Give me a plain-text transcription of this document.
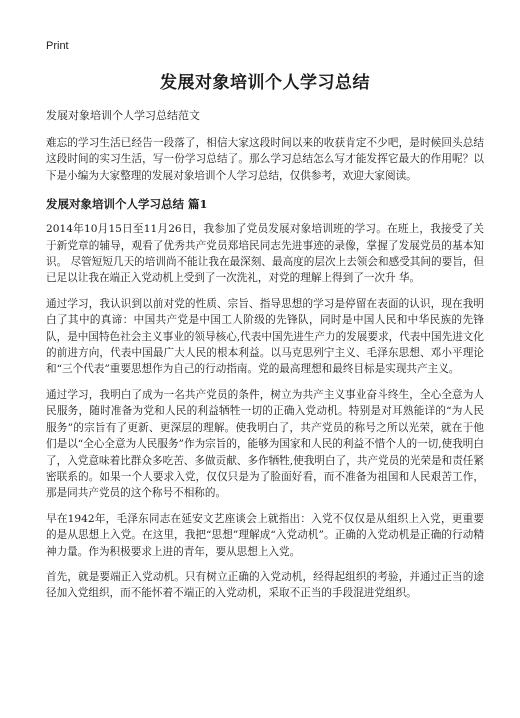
Print
发展对象培训个人学习总结
发展对象培训个人学习总结范文

难忘的学习生活已经告一段落了，相信大家这段时间以来的收获肯定不少吧，是时候回头总结这段时间的实习生活，写一份学习总结了。那么学习总结怎么写才能发挥它最大的作用呢？以下是小编为大家整理的发展对象培训个人学习总结，仅供参考，欢迎大家阅读。

发展对象培训个人学习总结 篇1

2014年10月15日至11月26日，我参加了党员发展对象培训班的学习。在班上，我接受了关于新党章的辅导，观看了优秀共产党员郑培民同志先进事迹的录像，掌握了发展党员的基本知识。 尽管短短几天的培训尚不能让我在最深刻、最高度的层次上去领会和感受其间的要旨，但已足以让我在端正入党动机上受到了一次洗礼，对党的理解上得到了一次升 华。

通过学习，我认识到以前对党的性质、宗旨、指导思想的学习是停留在表面的认识，现在我明白了其中的真谛：中国共产党是中国工人阶级的先锋队，同时是中国人民和中华民族的先锋队，是中国特色社会主义事业的领导核心,代表中国先进生产力的发展要求，代表中国先进文化的前进方向，代表中国最广大人民的根本利益。以马克思列宁主义、毛泽东思想、邓小平理论和“三个代表”重要思想作为自己的行动指南。党的最高理想和最终目标是实现共产主义。

通过学习，我明白了成为一名共产党员的条件，树立为共产主义事业奋斗终生，全心全意为人民服务，随时准备为党和人民的利益牺牲一切的正确入党动机。特别是对耳熟能详的“为人民服务”的宗旨有了更新、更深层的理解。使我明白了，共产党员的称号之所以光荣，就在于他们是以“全心全意为人民服务”作为宗旨的，能够为国家和人民的利益不惜个人的一切,使我明白了，入党意味着比群众多吃苦、多做贡献、多作牺牲,使我明白了，共产党员的光荣是和责任紧密联系的。如果一个人要求入党，仅仅只是为了脸面好看，而不准备为祖国和人民艰苦工作，那是同共产党员的这个称号不相称的。

早在1942年，毛泽东同志在延安文艺座谈会上就指出：入党不仅仅是从组织上入党，更重要的是从思想上入党。在这里，我把“思想”理解成“入党动机”。正确的入党动机是正确的行动精神力量。作为积极要求上进的青年，要从思想上入党。

首先，就是要端正入党动机。只有树立正确的入党动机，经得起组织的考验，并通过正当的途径加入党组织，而不能怀着不端正的入党动机，采取不正当的手段混进党组织。
